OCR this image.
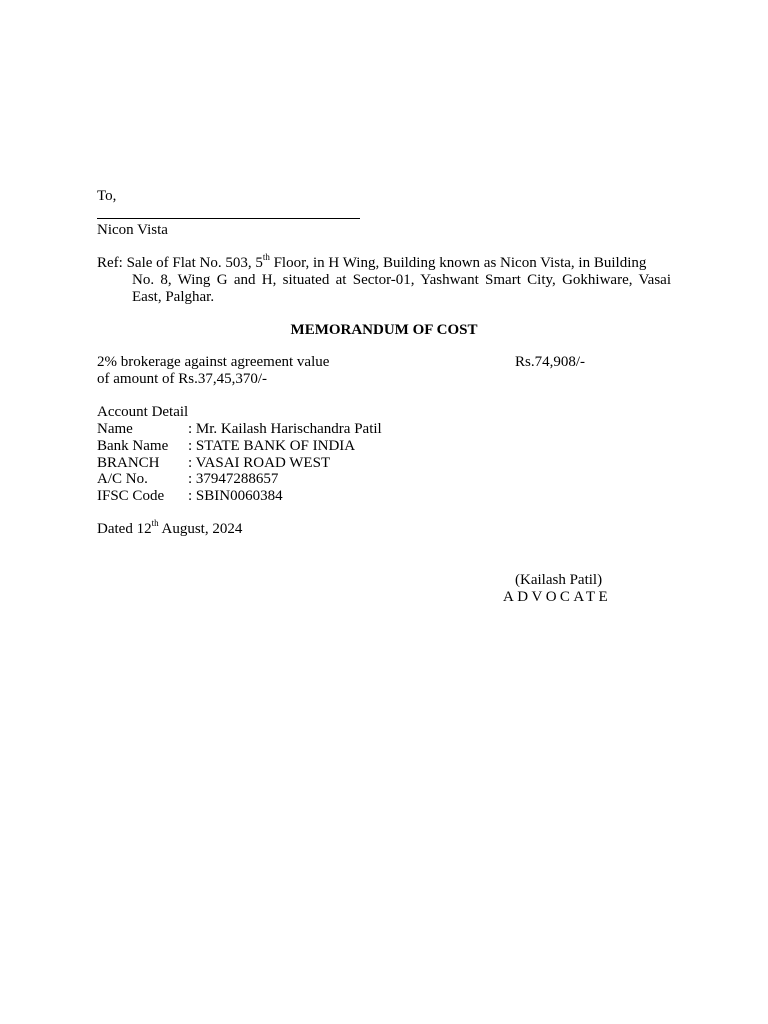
To,
Nicon Vista
Ref: Sale of Flat No. 503, 5th Floor, in H Wing, Building known as Nicon Vista, in Building
No. 8, Wing G and H, situated at Sector-01, Yashwant Smart City, Gokhiware, Vasai East, Palghar.
MEMORANDUM OF COST
2% brokerage against agreement value
of amount of Rs.37,45,370/-
Rs.74,908/-
Account Detail
Name	: Mr. Kailash Harischandra Patil
Bank Name : STATE BANK OF INDIA
BRANCH : VASAI ROAD WEST
A/C No.	: 37947288657
IFSC Code : SBIN0060384
Dated 12th August, 2024
(Kailash Patil)
ADVOCATE
